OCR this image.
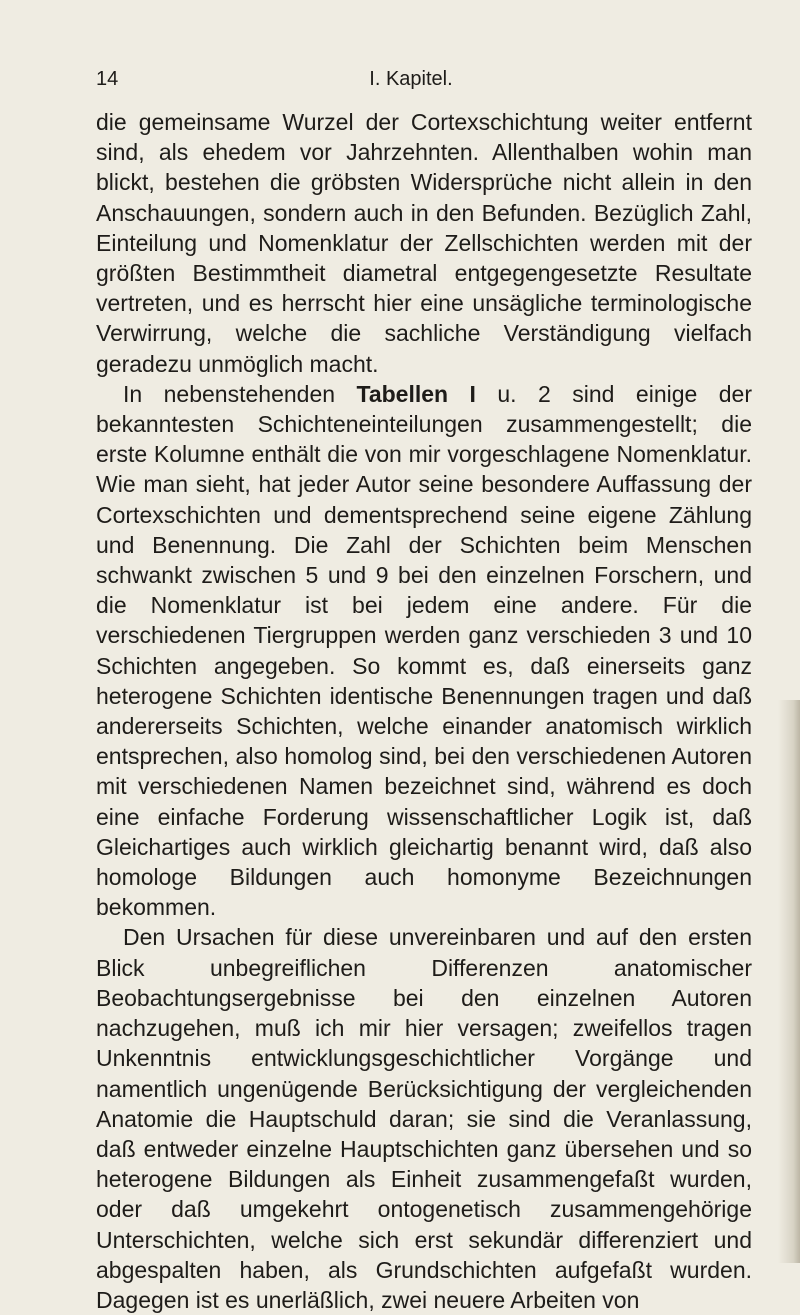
14	I. Kapitel.

die gemeinsame Wurzel der Cortexschichtung weiter entfernt sind, als ehedem vor Jahrzehnten. Allenthalben wohin man blickt, bestehen die gröbsten Widersprüche nicht allein in den Anschauungen, sondern auch in den Befunden. Bezüglich Zahl, Einteilung und Nomenklatur der Zellschichten werden mit der größten Bestimmtheit diametral entgegengesetzte Resultate vertreten, und es herrscht hier eine unsägliche terminologische Verwirrung, welche die sachliche Verständigung vielfach geradezu unmöglich macht.

In nebenstehenden Tabellen I u. 2 sind einige der bekanntesten Schichteneinteilungen zusammengestellt; die erste Kolumne enthält die von mir vorgeschlagene Nomenklatur. Wie man sieht, hat jeder Autor seine besondere Auffassung der Cortexschichten und dementsprechend seine eigene Zählung und Benennung. Die Zahl der Schichten beim Menschen schwankt zwischen 5 und 9 bei den einzelnen Forschern, und die Nomenklatur ist bei jedem eine andere. Für die verschiedenen Tiergruppen werden ganz verschieden 3 und 10 Schichten angegeben. So kommt es, daß einerseits ganz heterogene Schichten identische Benennungen tragen und daß andererseits Schichten, welche einander anatomisch wirklich entsprechen, also homolog sind, bei den verschiedenen Autoren mit verschiedenen Namen bezeichnet sind, während es doch eine einfache Forderung wissenschaftlicher Logik ist, daß Gleichartiges auch wirklich gleichartig benannt wird, daß also homologe Bildungen auch homonyme Bezeichnungen bekommen.

Den Ursachen für diese unvereinbaren und auf den ersten Blick unbegreiflichen Differenzen anatomischer Beobachtungsergebnisse bei den einzelnen Autoren nachzugehen, muß ich mir hier versagen; zweifellos tragen Unkenntnis entwicklungsgeschichtlicher Vorgänge und namentlich ungenügende Berücksichtigung der vergleichenden Anatomie die Hauptschuld daran; sie sind die Veranlassung, daß entweder einzelne Hauptschichten ganz übersehen und so heterogene Bildungen als Einheit zusammengefaßt wurden, oder daß umgekehrt ontogenetisch zusammengehörige Unterschichten, welche sich erst sekundär differenziert und abgespalten haben, als Grundschichten aufgefaßt wurden. Dagegen ist es unerläßlich, zwei neuere Arbeiten von
